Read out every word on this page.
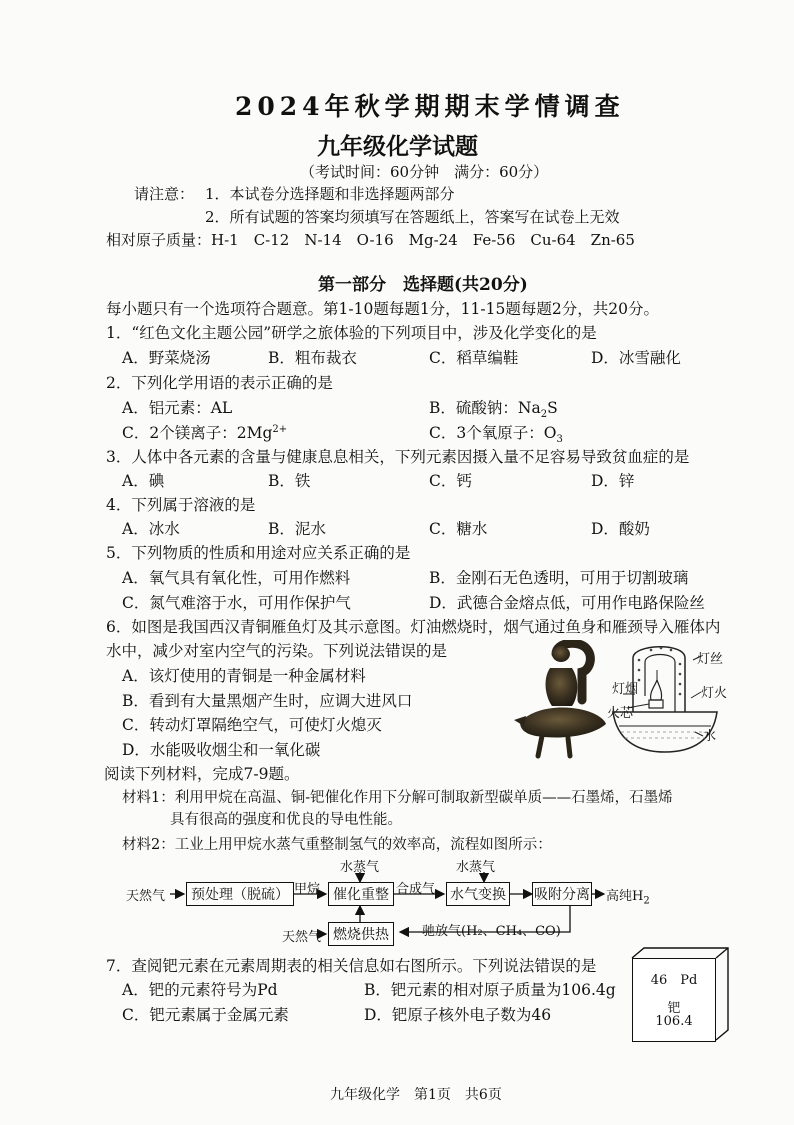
2024年秋学期期末学情调查
九年级化学试题
（考试时间：60分钟　满分：60分）
请注意： 1．本试卷分选择题和非选择题两部分
2．所有试题的答案均须填写在答题纸上，答案写在试卷上无效
相对原子质量：H-1　C-12　N-14　O-16　Mg-24　Fe-56　Cu-64　Zn-65
第一部分　选择题(共20分)
每小题只有一个选项符合题意。第1-10题每题1分，11-15题每题2分，共20分。
1．“红色文化主题公园”研学之旅体验的下列项目中，涉及化学变化的是
A．野菜烧汤	B．粗布裁衣	C．稻草编鞋	D．冰雪融化
2．下列化学用语的表示正确的是
A．铝元素：AL	B．硫酸钠：$Na_2S$
C．2个镁离子：$2Mg^{2+}$	C．3个氧原子：$O_3$
3．人体中各元素的含量与健康息息相关，下列元素因摄入量不足容易导致贫血症的是
A．碘	B．铁	C．钙	D．锌
4．下列属于溶液的是
A．冰水	B．泥水	C．糖水	D．酸奶
5．下列物质的性质和用途对应关系正确的是
A．氧气具有氧化性，可用作燃料	B．金刚石无色透明，可用于切割玻璃
C．氮气难溶于水，可用作保护气	D．武德合金熔点低，可用作电路保险丝
6．如图是我国西汉青铜雁鱼灯及其示意图。灯油燃烧时，烟气通过鱼身和雁颈导入雁体内
水中，减少对室内空气的污染。下列说法错误的是
A．该灯使用的青铜是一种金属材料
B．看到有大量黑烟产生时，应调大进风口
C．转动灯罩隔绝空气，可使灯火熄灭
D．水能吸收烟尘和一氧化碳
灯丝
灯烟	灯火
火芯
水
阅读下列材料，完成7-9题。
材料1：利用甲烷在高温、铜-钯催化作用下分解可制取新型碳单质——石墨烯，石墨烯
具有很高的强度和优良的导电性能。
材料2：工业上用甲烷水蒸气重整制氢气的效率高，流程如图所示：
天然气	预处理（脱硫） 甲烷
水蒸气
催化重整 合成气
水蒸气
水气变换 吸附分离 高纯$H_2$
天然气 燃烧供热	驰放气(H₂、CH₄、CO)
7．查阅钯元素在元素周期表的相关信息如右图所示。下列说法错误的是
A．钯的元素符号为Pd	B．钯元素的相对原子质量为106.4g
C．钯元素属于金属元素	D．钯原子核外电子数为46
46　Pd
钯
106.4
九年级化学　第1页　共6页
